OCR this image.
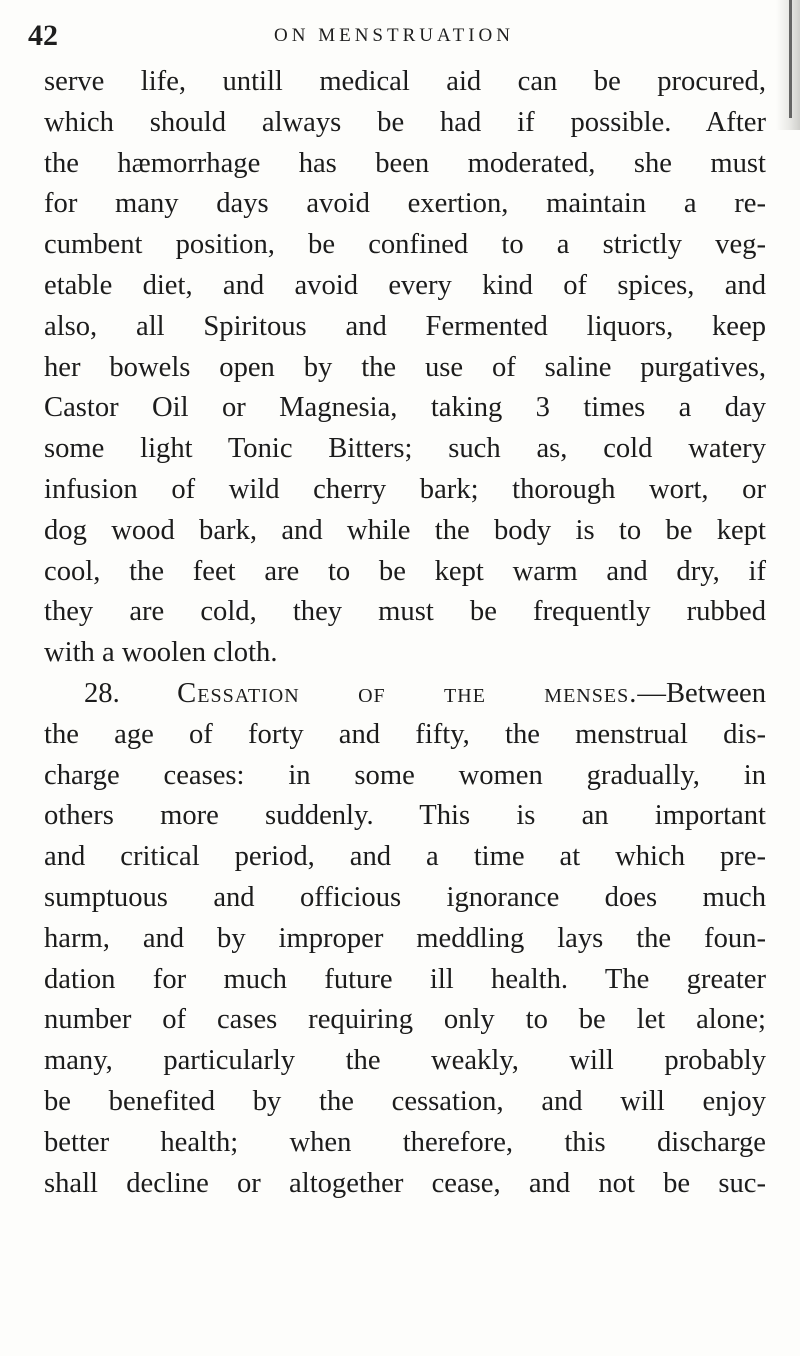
42	ON MENSTRUATION
serve life, untill medical aid can be procured,
which should always be had if possible. After
the hæmorrhage has been moderated, she must
for many days avoid exertion, maintain a re-
cumbent position, be confined to a strictly veg-
etable diet, and avoid every kind of spices, and
also, all Spiritous and Fermented liquors, keep
her bowels open by the use of saline purgatives,
Castor Oil or Magnesia, taking 3 times a day
some light Tonic Bitters; such as, cold watery
infusion of wild cherry bark; thorough wort, or
dog wood bark, and while the body is to be kept
cool, the feet are to be kept warm and dry, if
they are cold, they must be frequently rubbed
with a woolen cloth.
28. Cessation of the menses.—Between
the age of forty and fifty, the menstrual dis-
charge ceases: in some women gradually, in
others more suddenly. This is an important
and critical period, and a time at which pre-
sumptuous and officious ignorance does much
harm, and by improper meddling lays the foun-
dation for much future ill health. The greater
number of cases requiring only to be let alone;
many, particularly the weakly, will probably
be benefited by the cessation, and will enjoy
better health; when therefore, this discharge
shall decline or altogether cease, and not be suc-
